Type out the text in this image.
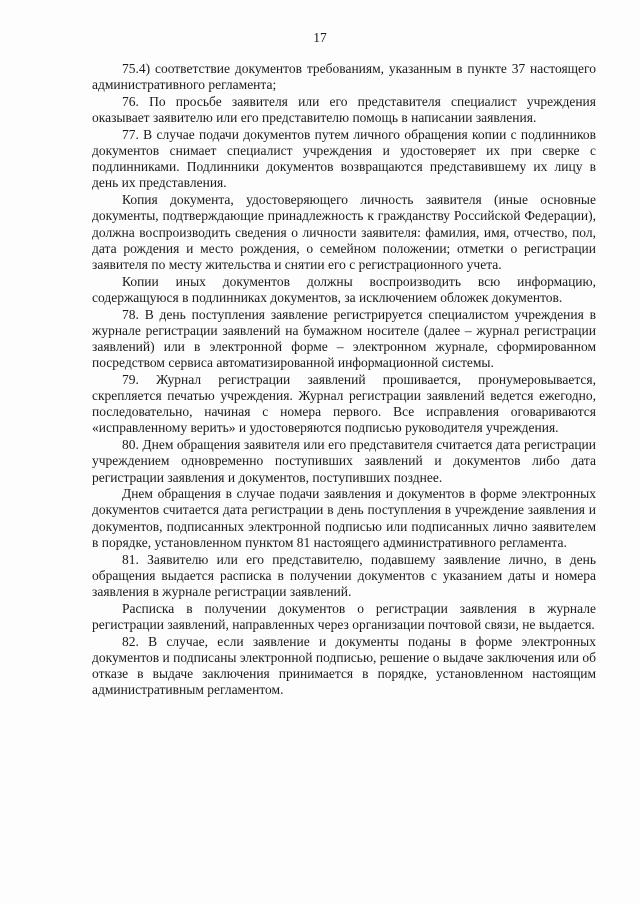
17

75.4) соответствие документов требованиям, указанным в пункте 37 настоящего административного регламента;

76. По просьбе заявителя или его представителя специалист учреждения оказывает заявителю или его представителю помощь в написании заявления.

77. В случае подачи документов путем личного обращения копии с подлинников документов снимает специалист учреждения и удостоверяет их при сверке с подлинниками. Подлинники документов возвращаются представившему их лицу в день их представления.

Копия документа, удостоверяющего личность заявителя (иные основные документы, подтверждающие принадлежность к гражданству Российской Федерации), должна воспроизводить сведения о личности заявителя: фамилия, имя, отчество, пол, дата рождения и место рождения, о семейном положении; отметки о регистрации заявителя по месту жительства и снятии его с регистрационного учета.

Копии иных документов должны воспроизводить всю информацию, содержащуюся в подлинниках документов, за исключением обложек документов.

78. В день поступления заявление регистрируется специалистом учреждения в журнале регистрации заявлений на бумажном носителе (далее – журнал регистрации заявлений) или в электронной форме – электронном журнале, сформированном посредством сервиса автоматизированной информационной системы.

79. Журнал регистрации заявлений прошивается, пронумеровывается, скрепляется печатью учреждения. Журнал регистрации заявлений ведется ежегодно, последовательно, начиная с номера первого. Все исправления оговариваются «исправленному верить» и удостоверяются подписью руководителя учреждения.

80. Днем обращения заявителя или его представителя считается дата регистрации учреждением одновременно поступивших заявлений и документов либо дата регистрации заявления и документов, поступивших позднее.

Днем обращения в случае подачи заявления и документов в форме электронных документов считается дата регистрации в день поступления в учреждение заявления и документов, подписанных электронной подписью или подписанных лично заявителем в порядке, установленном пунктом 81 настоящего административного регламента.

81. Заявителю или его представителю, подавшему заявление лично, в день обращения выдается расписка в получении документов с указанием даты и номера заявления в журнале регистрации заявлений.

Расписка в получении документов о регистрации заявления в журнале регистрации заявлений, направленных через организации почтовой связи, не выдается.

82. В случае, если заявление и документы поданы в форме электронных документов и подписаны электронной подписью, решение о выдаче заключения или об отказе в выдаче заключения принимается в порядке, установленном настоящим административным регламентом.
